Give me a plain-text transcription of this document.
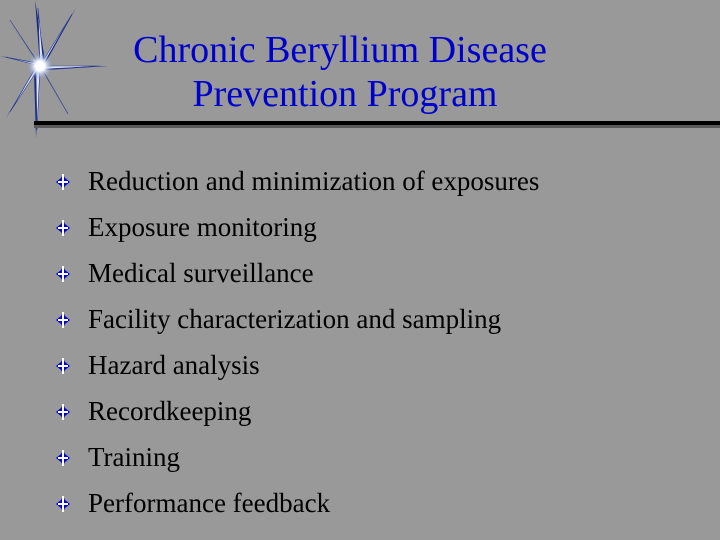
Chronic Beryllium Disease
Prevention Program
Reduction and minimization of exposures
Exposure monitoring
Medical surveillance
Facility characterization and sampling
Hazard analysis
Recordkeeping
Training
Performance feedback
